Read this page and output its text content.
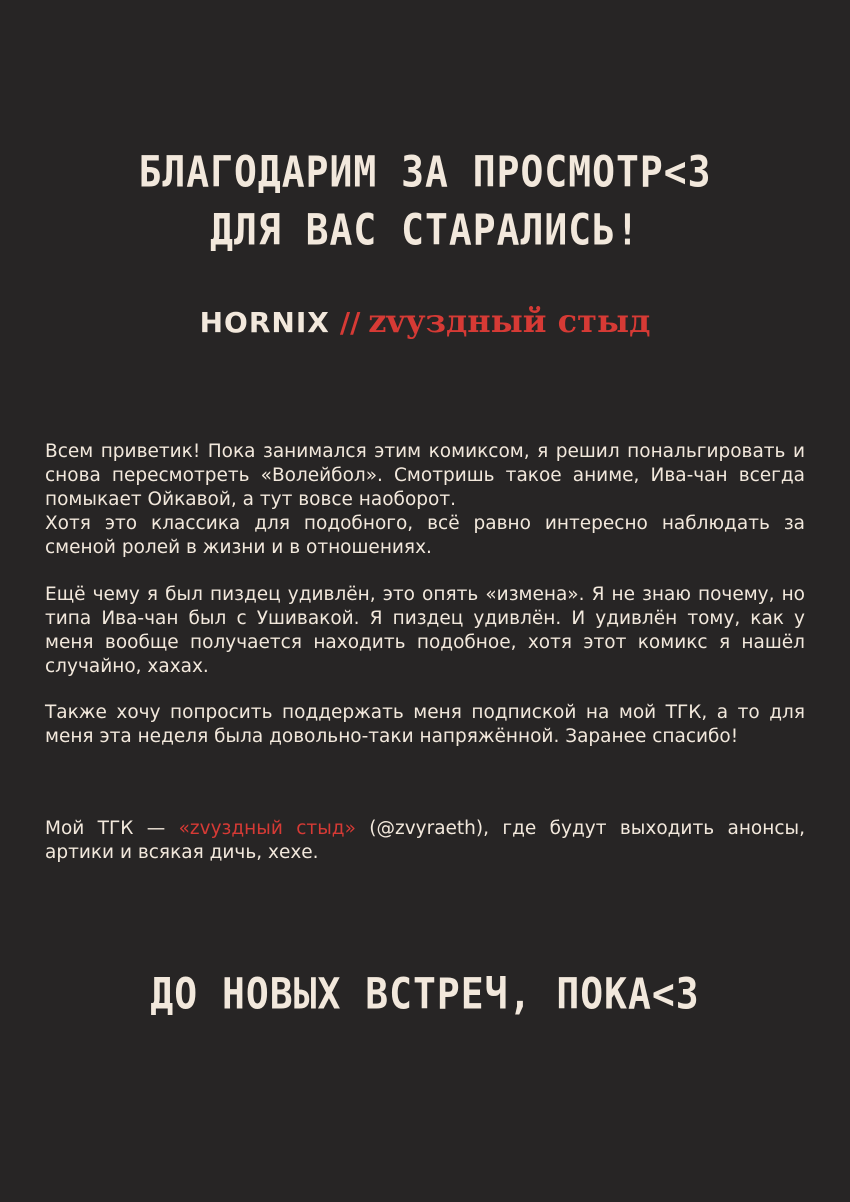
БЛАГОДАРИМ ЗА ПРОСМОТР<3
ДЛЯ ВАС СТАРАЛИСЬ!
HORNIX // zvуздный стыд

Всем приветик! Пока занимался этим комиксом, я решил пональгировать и снова пересмотреть «Волейбол». Смотришь такое аниме, Ива-чан всегда помыкает Ойкавой, а тут вовсе наоборот.

Хотя это классика для подобного, всё равно интересно наблюдать за сменой ролей в жизни и в отношениях.

Ещё чему я был пиздец удивлён, это опять «измена». Я не знаю почему, но типа Ива-чан был с Ушивакой. Я пиздец удивлён. И удивлён тому, как у меня вообще получается находить подобное, хотя этот комикс я нашёл случайно, хахах.

Также хочу попросить поддержать меня подпиской на мой ТГК, а то для меня эта неделя была довольно-таки напряжённой. Заранее спасибо!

Мой ТГК — «zvуздный стыд» (@zvyraeth), где будут выходить анонсы, артики и всякая дичь, хехе.

ДО НОВЫХ ВСТРЕЧ, ПОКА<3
